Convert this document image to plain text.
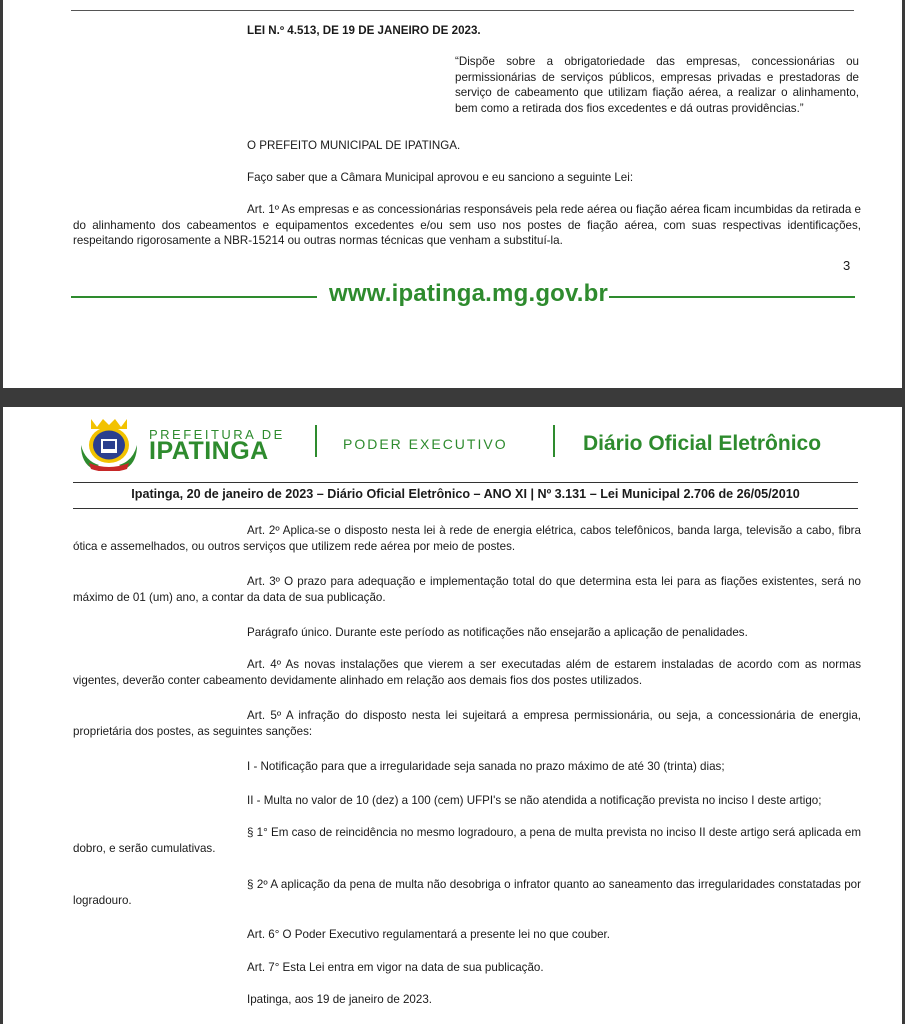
LEI N.º 4.513, DE 19 DE JANEIRO DE 2023.
“Dispõe sobre a obrigatoriedade das empresas, concessionárias ou permissionárias de serviços públicos, empresas privadas e prestadoras de serviço de cabeamento que utilizam fiação aérea, a realizar o alinhamento, bem como a retirada dos fios excedentes e dá outras providências.”
O PREFEITO MUNICIPAL DE IPATINGA.
Faço saber que a Câmara Municipal aprovou e eu sanciono a seguinte Lei:
Art. 1º As empresas e as concessionárias responsáveis pela rede aérea ou fiação aérea ficam incumbidas da retirada e do alinhamento dos cabeamentos e equipamentos excedentes e/ou sem uso nos postes de fiação aérea, com suas respectivas identificações, respeitando rigorosamente a NBR-15214 ou outras normas técnicas que venham a substituí-la.
3
www.ipatinga.mg.gov.br
PREFEITURA DE
IPATINGA	PODER EXECUTIVO	Diário Oficial Eletrônico
Ipatinga, 20 de janeiro de 2023 – Diário Oficial Eletrônico – ANO XI | Nº 3.131 – Lei Municipal 2.706 de 26/05/2010
Art. 2º Aplica-se o disposto nesta lei à rede de energia elétrica, cabos telefônicos, banda larga, televisão a cabo, fibra ótica e assemelhados, ou outros serviços que utilizem rede aérea por meio de postes.
Art. 3º O prazo para adequação e implementação total do que determina esta lei para as fiações existentes, será no máximo de 01 (um) ano, a contar da data de sua publicação.
Parágrafo único. Durante este período as notificações não ensejarão a aplicação de penalidades.
Art. 4º As novas instalações que vierem a ser executadas além de estarem instaladas de acordo com as normas vigentes, deverão conter cabeamento devidamente alinhado em relação aos demais fios dos postes utilizados.
Art. 5º A infração do disposto nesta lei sujeitará a empresa permissionária, ou seja, a concessionária de energia, proprietária dos postes, as seguintes sanções:
I - Notificação para que a irregularidade seja sanada no prazo máximo de até 30 (trinta) dias;
II - Multa no valor de 10 (dez) a 100 (cem) UFPI's se não atendida a notificação prevista no inciso I deste artigo;
§ 1° Em caso de reincidência no mesmo logradouro, a pena de multa prevista no inciso II deste artigo será aplicada em dobro, e serão cumulativas.
§ 2º A aplicação da pena de multa não desobriga o infrator quanto ao saneamento das irregularidades constatadas por logradouro.
Art. 6° O Poder Executivo regulamentará a presente lei no que couber.
Art. 7° Esta Lei entra em vigor na data de sua publicação.
Ipatinga, aos 19 de janeiro de 2023.
